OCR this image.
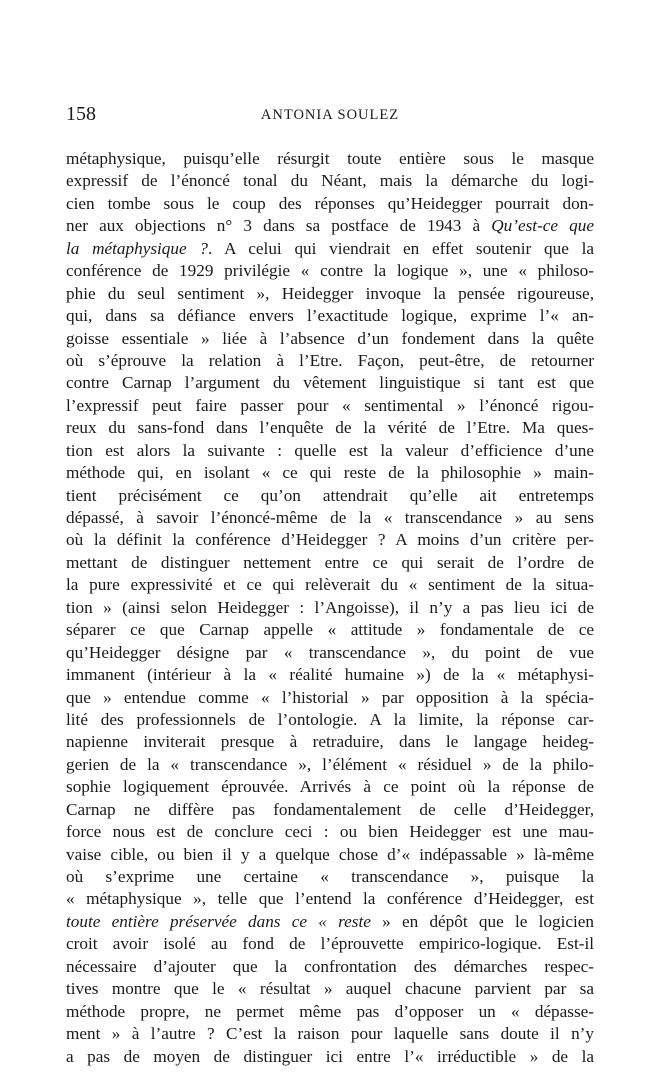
158	ANTONIA SOULEZ
métaphysique, puisqu’elle résurgit toute entière sous le masque
expressif de l’énoncé tonal du Néant, mais la démarche du logi-
cien tombe sous le coup des réponses qu’Heidegger pourrait don-
ner aux objections n° 3 dans sa postface de 1943 à Qu’est-ce que
la métaphysique ?. A celui qui viendrait en effet soutenir que la
conférence de 1929 privilégie « contre la logique », une « philoso-
phie du seul sentiment », Heidegger invoque la pensée rigoureuse,
qui, dans sa défiance envers l’exactitude logique, exprime l’« an-
goisse essentiale » liée à l’absence d’un fondement dans la quête
où s’éprouve la relation à l’Etre. Façon, peut-être, de retourner
contre Carnap l’argument du vêtement linguistique si tant est que
l’expressif peut faire passer pour « sentimental » l’énoncé rigou-
reux du sans-fond dans l’enquête de la vérité de l’Etre. Ma ques-
tion est alors la suivante : quelle est la valeur d’efficience d’une
méthode qui, en isolant « ce qui reste de la philosophie » main-
tient précisément ce qu’on attendrait qu’elle ait entretemps
dépassé, à savoir l’énoncé-même de la « transcendance » au sens
où la définit la conférence d’Heidegger ? A moins d’un critère per-
mettant de distinguer nettement entre ce qui serait de l’ordre de
la pure expressivité et ce qui relèverait du « sentiment de la situa-
tion » (ainsi selon Heidegger : l’Angoisse), il n’y a pas lieu ici de
séparer ce que Carnap appelle « attitude » fondamentale de ce
qu’Heidegger désigne par « transcendance », du point de vue
immanent (intérieur à la « réalité humaine ») de la « métaphysi-
que » entendue comme « l’historial » par opposition à la spécia-
lité des professionnels de l’ontologie. A la limite, la réponse car-
napienne inviterait presque à retraduire, dans le langage heideg-
gerien de la « transcendance », l’élément « résiduel » de la philo-
sophie logiquement éprouvée. Arrivés à ce point où la réponse de
Carnap ne diffère pas fondamentalement de celle d’Heidegger,
force nous est de conclure ceci : ou bien Heidegger est une mau-
vaise cible, ou bien il y a quelque chose d’« indépassable » là-même
où s’exprime une certaine « transcendance », puisque la
« métaphysique », telle que l’entend la conférence d’Heidegger, est
toute entière préservée dans ce « reste » en dépôt que le logicien
croit avoir isolé au fond de l’éprouvette empirico-logique. Est-il
nécessaire d’ajouter que la confrontation des démarches respec-
tives montre que le « résultat » auquel chacune parvient par sa
méthode propre, ne permet même pas d’opposer un « dépasse-
ment » à l’autre ? C’est la raison pour laquelle sans doute il n’y
a pas de moyen de distinguer ici entre l’« irréductible » de la
